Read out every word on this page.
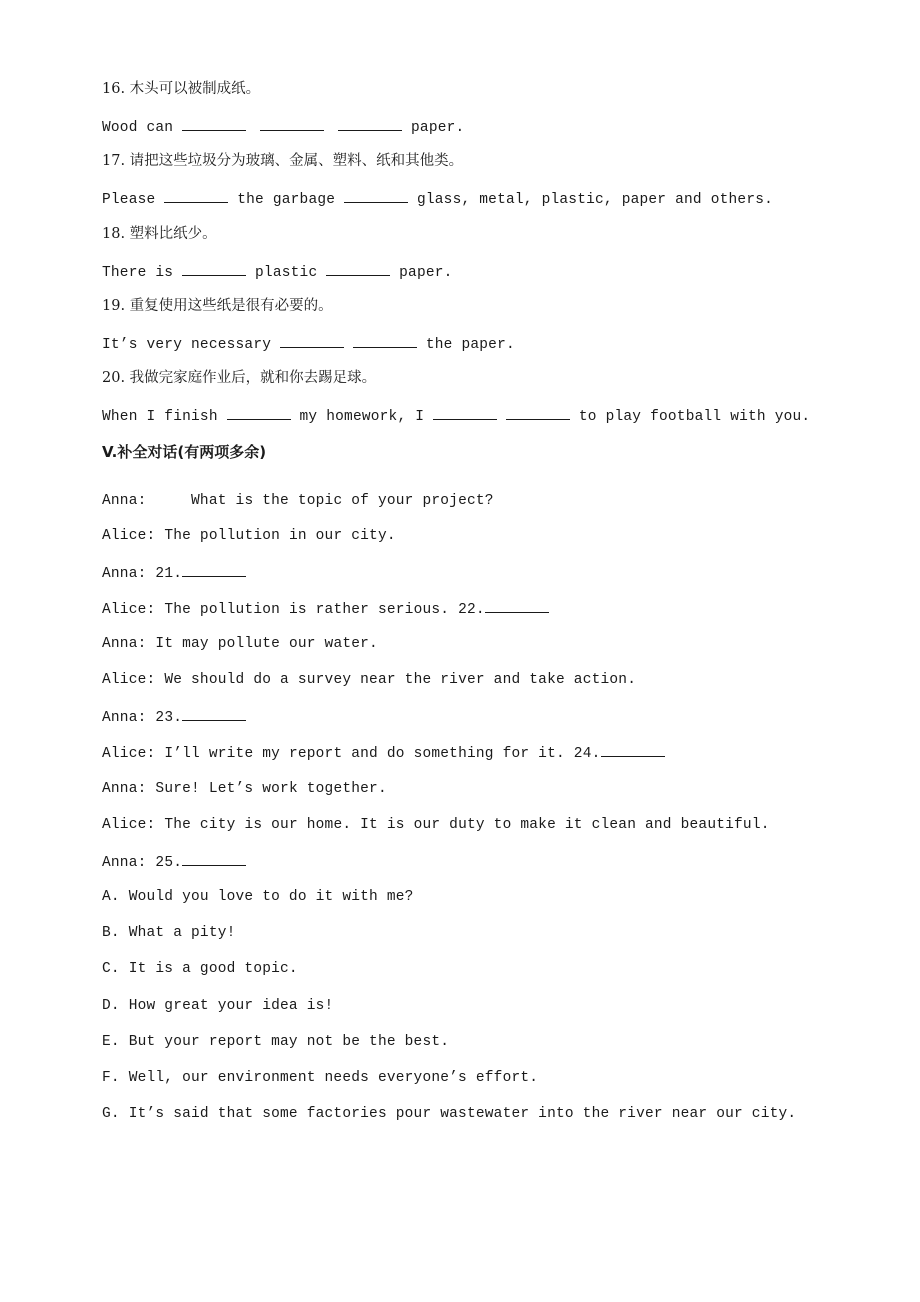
16. 木头可以被制成纸。
Wood can	paper.
17. 请把这些垃圾分为玻璃、金属、塑料、纸和其他类。
Please	the garbage	glass, metal, plastic, paper and others.
18. 塑料比纸少。
There is	plastic	paper.
19. 重复使用这些纸是很有必要的。
It’s very necessary	the paper.
20. 我做完家庭作业后，就和你去踢足球。
When I finish	my homework, I	to play football with you.
V.补全对话(有两项多余)
Anna:	What is the topic of your project?
Alice: The pollution in our city.
Anna: 21.
Alice: The pollution is rather serious. 22.
Anna: It may pollute our water.
Alice: We should do a survey near the river and take action.
Anna: 23.
Alice: I’ll write my report and do something for it. 24.
Anna: Sure! Let’s work together.
Alice: The city is our home. It is our duty to make it clean and beautiful.
Anna: 25.
A. Would you love to do it with me?
B. What a pity!
C. It is a good topic.
D. How great your idea is!
E. But your report may not be the best.
F. Well, our environment needs everyone’s effort.
G. It’s said that some factories pour wastewater into the river near our city.
